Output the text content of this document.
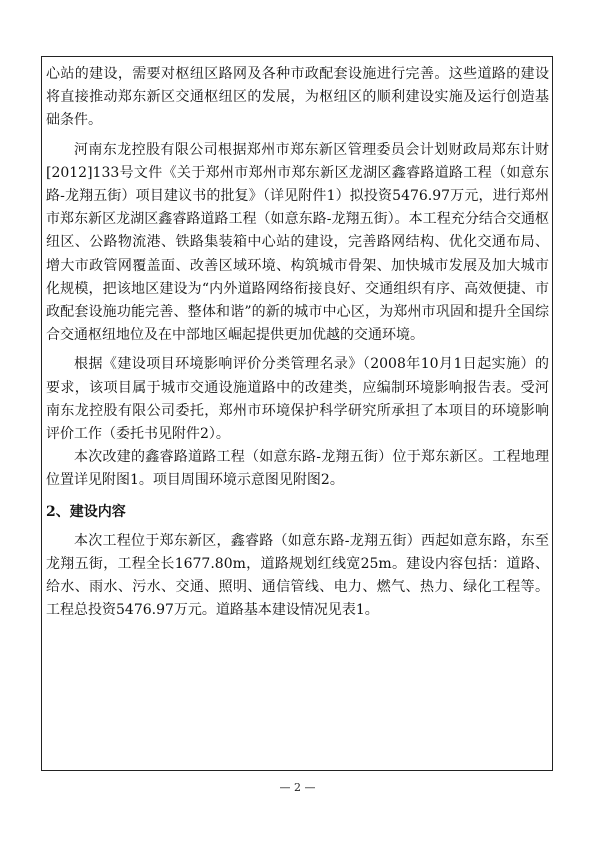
心站的建设，需要对枢纽区路网及各种市政配套设施进行完善。这些道路的建设将直接推动郑东新区交通枢纽区的发展，为枢纽区的顺利建设实施及运行创造基础条件。

河南东龙控股有限公司根据郑州市郑东新区管理委员会计划财政局郑东计财[2012]133号文件《关于郑州市郑州市郑东新区龙湖区鑫睿路道路工程（如意东路-龙翔五街）项目建议书的批复》（详见附件1）拟投资5476.97万元，进行郑州市郑东新区龙湖区鑫睿路道路工程（如意东路-龙翔五街）。本工程充分结合交通枢纽区、公路物流港、铁路集装箱中心站的建设，完善路网结构、优化交通布局、增大市政管网覆盖面、改善区域环境、构筑城市骨架、加快城市发展及加大城市化规模，把该地区建设为“内外道路网络衔接良好、交通组织有序、高效便捷、市政配套设施功能完善、整体和谐”的新的城市中心区，为郑州市巩固和提升全国综合交通枢纽地位及在中部地区崛起提供更加优越的交通环境。

根据《建设项目环境影响评价分类管理名录》（2008年10月1日起实施）的要求，该项目属于城市交通设施道路中的改建类，应编制环境影响报告表。受河南东龙控股有限公司委托，郑州市环境保护科学研究所承担了本项目的环境影响评价工作（委托书见附件2）。

本次改建的鑫睿路道路工程（如意东路-龙翔五街）位于郑东新区。工程地理位置详见附图1。项目周围环境示意图见附图2。

2、建设内容

本次工程位于郑东新区，鑫睿路（如意东路-龙翔五街）西起如意东路，东至龙翔五街，工程全长1677.80m，道路规划红线宽25m。建设内容包括：道路、给水、雨水、污水、交通、照明、通信管线、电力、燃气、热力、绿化工程等。工程总投资5476.97万元。道路基本建设情况见表1。

— 2 —
